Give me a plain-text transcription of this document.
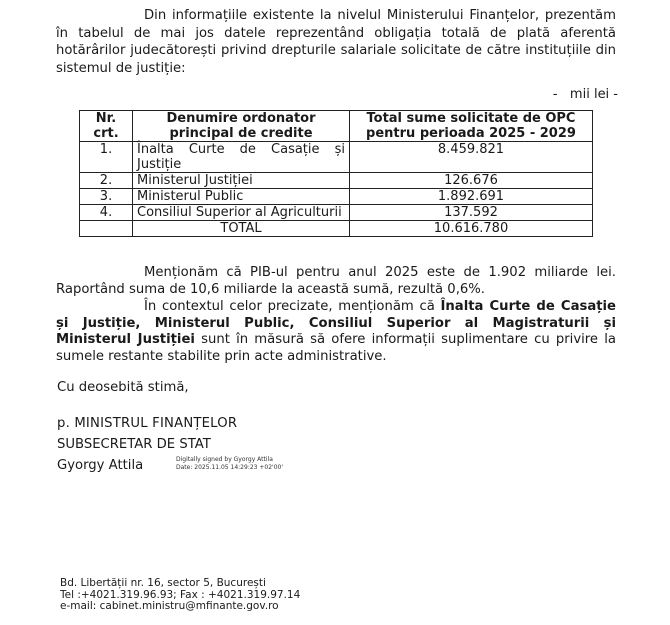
Din informațiile existente la nivelul Ministerului Finanțelor, prezentăm în tabelul de mai jos datele reprezentând obligația totală de plată aferentă hotărârilor judecătorești privind drepturile salariale solicitate de către instituțiile din sistemul de justiție:

-   mii lei -
Nr. crt.	Denumire ordonator principal de credite	Total sume solicitate de OPC pentru perioada 2025 - 2029
1.	Înalta Curte de Casație și Justiție	8.459.821
2.	Ministerul Justiției	126.676
3.	Ministerul Public	1.892.691
4.	Consiliul Superior al Agriculturii	137.592
	TOTAL	10.616.780

Menționăm că PIB-ul pentru anul 2025 este de 1.902 miliarde lei. Raportând suma de 10,6 miliarde la această sumă, rezultă 0,6%.

În contextul celor precizate, menționăm că Înalta Curte de Casație și Justiție, Ministerul Public, Consiliul Superior al Magistraturii și Ministerul Justiției sunt în măsură să ofere informații suplimentare cu privire la sumele restante stabilite prin acte administrative.

Cu deosebită stimă,

p. MINISTRUL FINANȚELOR

SUBSECRETAR DE STAT

Gyorgy Attila	Digitally signed by Gyorgy Attila
Date: 2025.11.05 14:29:23 +02'00'
Bd. Libertății nr. 16, sector 5, București
Tel :+4021.319.96.93; Fax : +4021.319.97.14
e-mail: cabinet.ministru@mfinante.gov.ro
